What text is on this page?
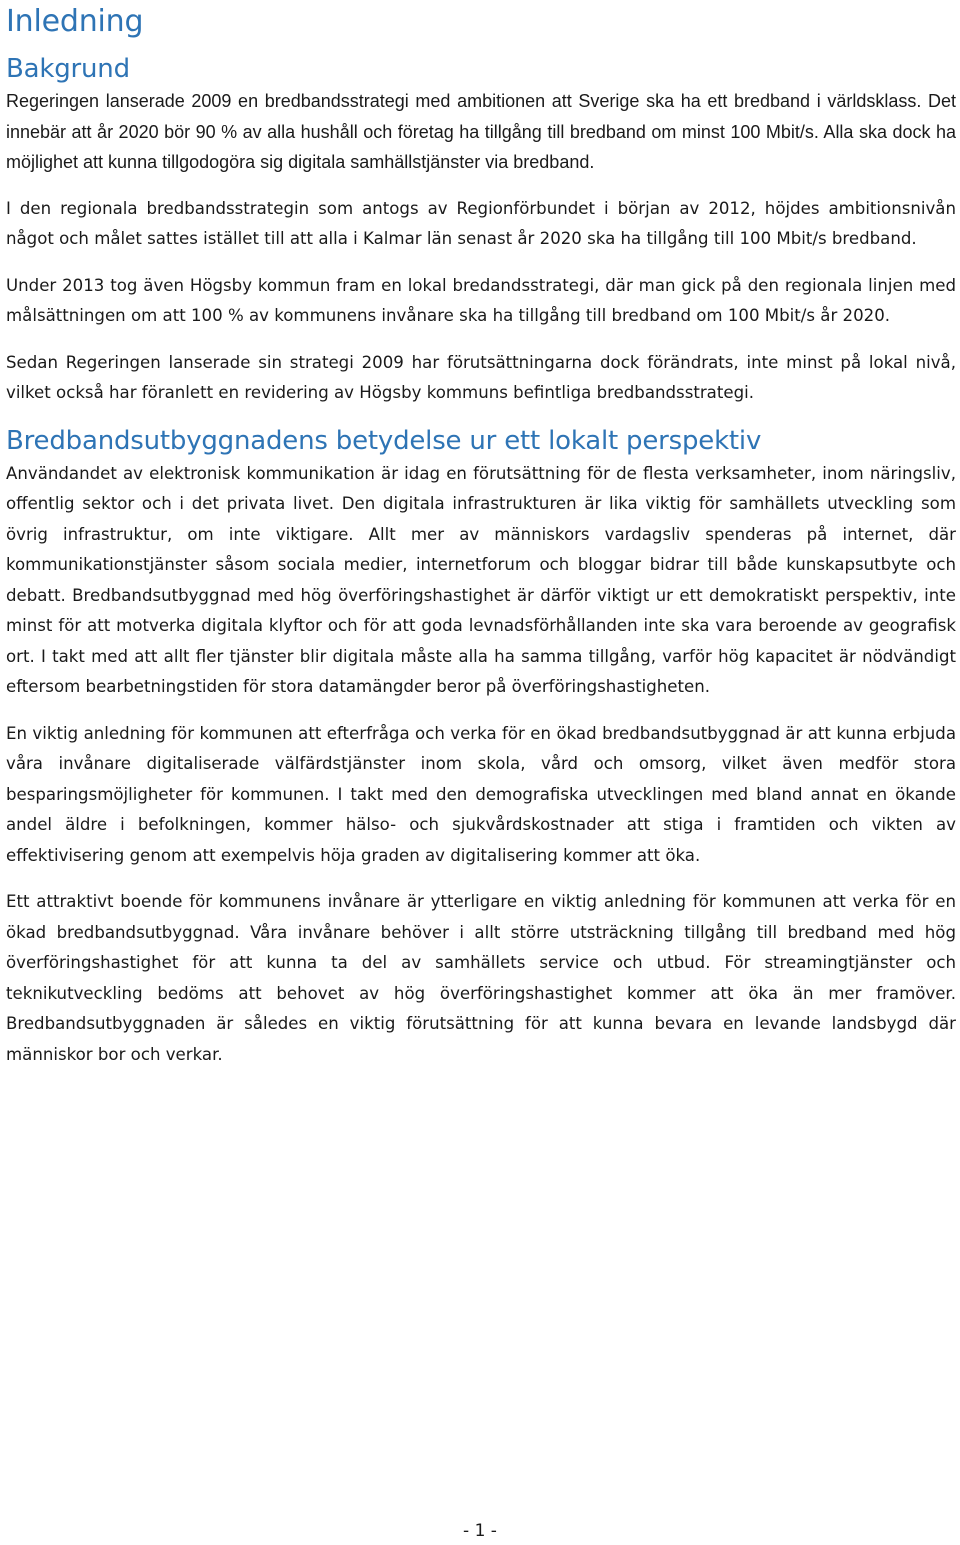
Inledning
Bakgrund

Regeringen lanserade 2009 en bredbandsstrategi med ambitionen att Sverige ska ha ett bredband i världsklass. Det innebär att år 2020 bör 90 % av alla hushåll och företag ha tillgång till bredband om minst 100 Mbit/s. Alla ska dock ha möjlighet att kunna tillgodogöra sig digitala samhällstjänster via bredband.

I den regionala bredbandsstrategin som antogs av Regionförbundet i början av 2012, höjdes ambitionsnivån något och målet sattes istället till att alla i Kalmar län senast år 2020 ska ha tillgång till 100 Mbit/s bredband.

Under 2013 tog även Högsby kommun fram en lokal bredandsstrategi, där man gick på den regionala linjen med målsättningen om att 100 % av kommunens invånare ska ha tillgång till bredband om 100 Mbit/s år 2020.

Sedan Regeringen lanserade sin strategi 2009 har förutsättningarna dock förändrats, inte minst på lokal nivå, vilket också har föranlett en revidering av Högsby kommuns befintliga bredbandsstrategi.

Bredbandsutbyggnadens betydelse ur ett lokalt perspektiv

Användandet av elektronisk kommunikation är idag en förutsättning för de flesta verksamheter, inom näringsliv, offentlig sektor och i det privata livet. Den digitala infrastrukturen är lika viktig för samhällets utveckling som övrig infrastruktur, om inte viktigare. Allt mer av människors vardagsliv spenderas på internet, där kommunikationstjänster såsom sociala medier, internetforum och bloggar bidrar till både kunskapsutbyte och debatt. Bredbandsutbyggnad med hög överföringshastighet är därför viktigt ur ett demokratiskt perspektiv, inte minst för att motverka digitala klyftor och för att goda levnadsförhållanden inte ska vara beroende av geografisk ort. I takt med att allt fler tjänster blir digitala måste alla ha samma tillgång, varför hög kapacitet är nödvändigt eftersom bearbetningstiden för stora datamängder beror på överföringshastigheten.

En viktig anledning för kommunen att efterfråga och verka för en ökad bredbandsutbyggnad är att kunna erbjuda våra invånare digitaliserade välfärdstjänster inom skola, vård och omsorg, vilket även medför stora besparingsmöjligheter för kommunen. I takt med den demografiska utvecklingen med bland annat en ökande andel äldre i befolkningen, kommer hälso- och sjukvårdskostnader att stiga i framtiden och vikten av effektivisering genom att exempelvis höja graden av digitalisering kommer att öka.

Ett attraktivt boende för kommunens invånare är ytterligare en viktig anledning för kommunen att verka för en ökad bredbandsutbyggnad. Våra invånare behöver i allt större utsträckning tillgång till bredband med hög överföringshastighet för att kunna ta del av samhällets service och utbud. För streamingtjänster och teknikutveckling bedöms att behovet av hög överföringshastighet kommer att öka än mer framöver. Bredbandsutbyggnaden är således en viktig förutsättning för att kunna bevara en levande landsbygd där människor bor och verkar.

- 1 -
